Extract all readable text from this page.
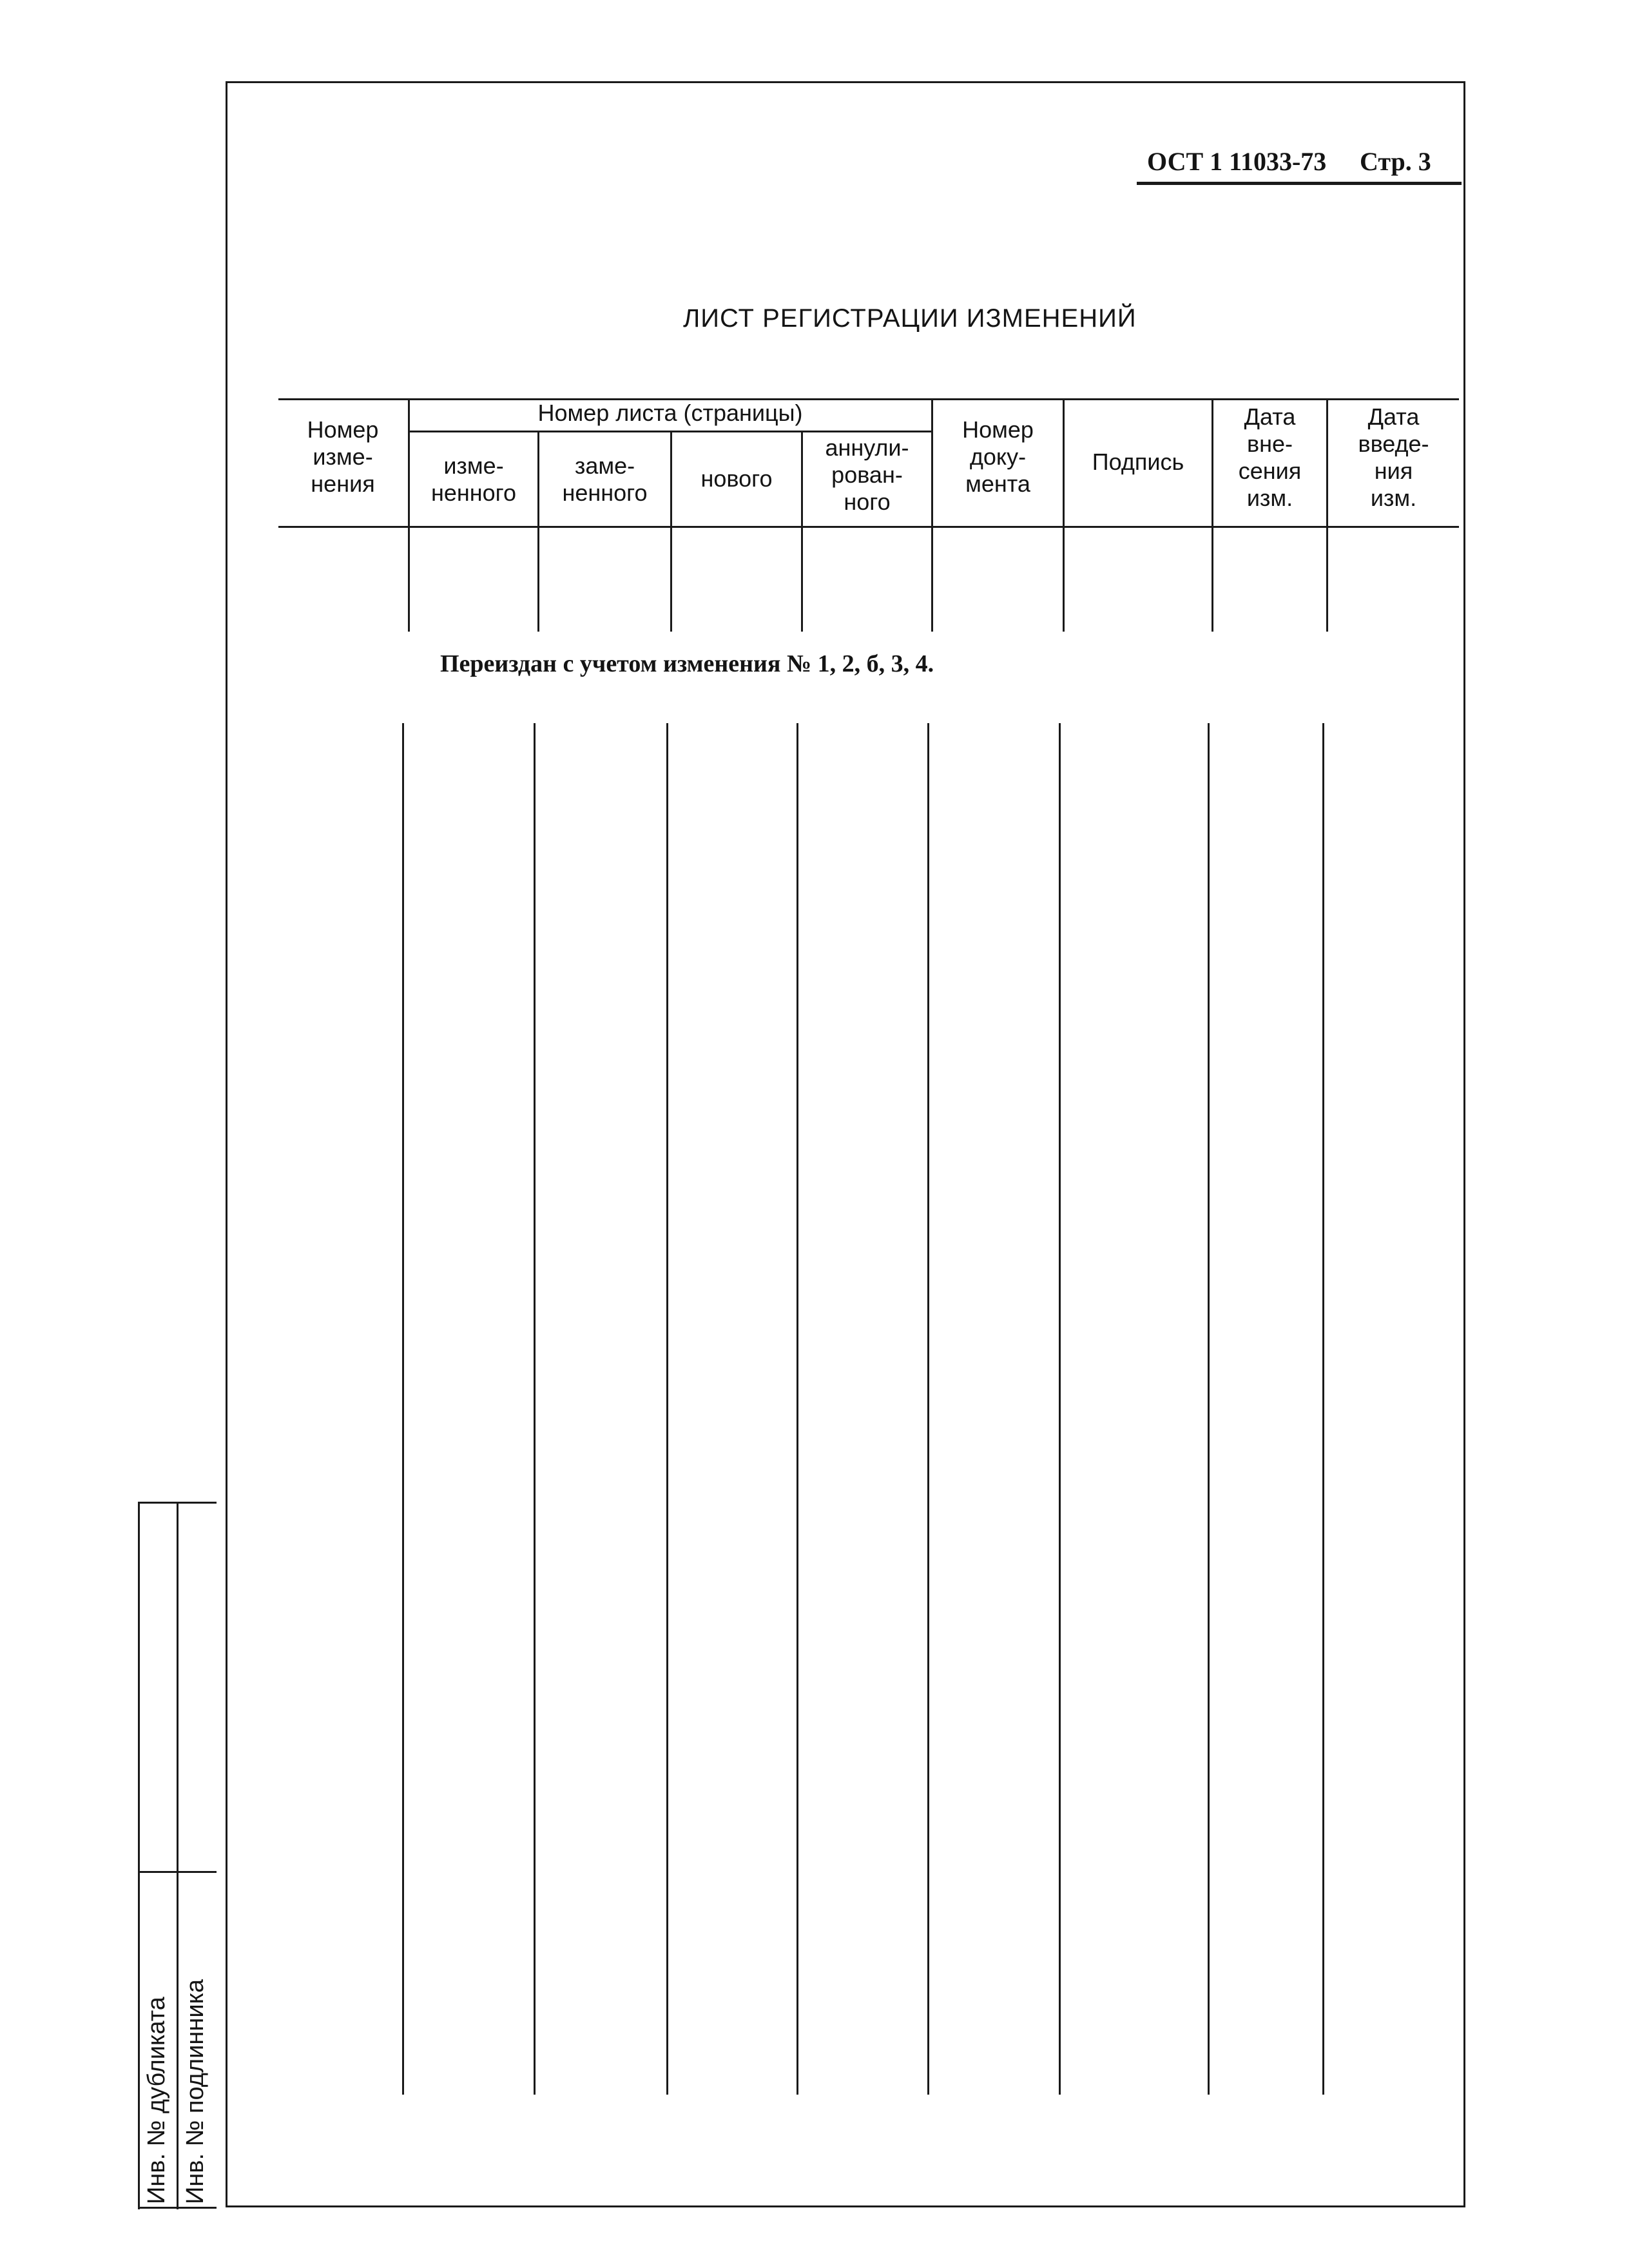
ОСТ 1 11033-73 Стр. 3
ЛИСТ РЕГИСТРАЦИИ ИЗМЕНЕНИЙ
Номер
изме-
нения
Номер листа (страницы)
изме-
ненного
заме-
ненного
нового
аннули-
рован-
ного
Номер
доку-
мента
Подпись
Дата
вне-
сения
изм.
Дата
введе-
ния
изм.
Переиздан с учетом изменения № 1, 2, б, 3, 4.
Инв. № дубликата Инв. № подлинника
